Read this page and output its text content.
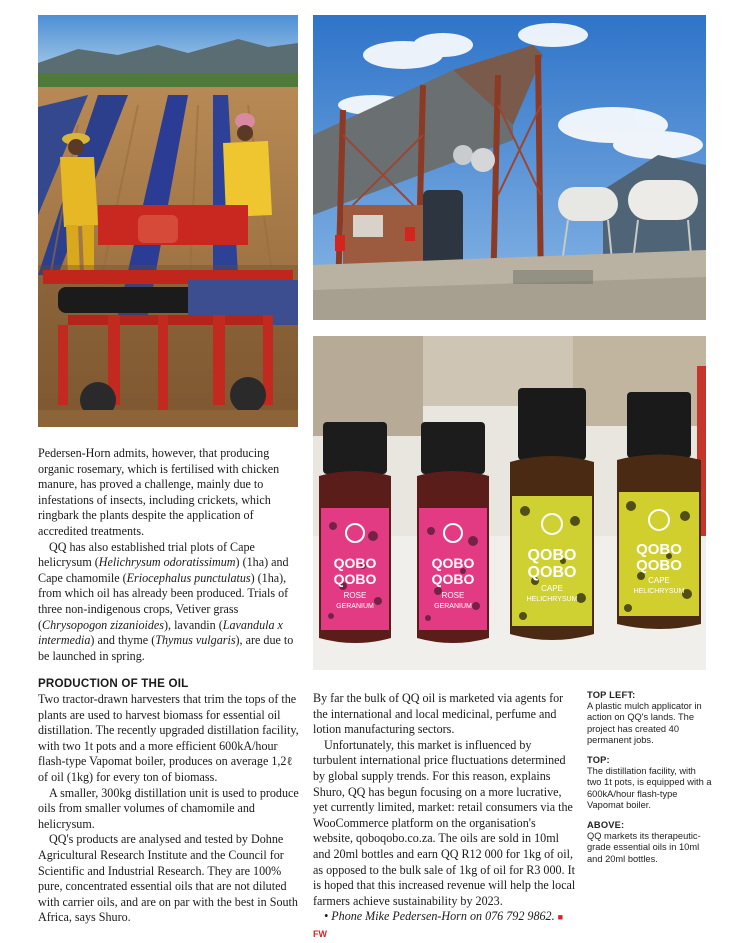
QOBO
QOBO
ROSE
GERANIUM
QOBO
QOBO
ROSE
GERANIUM
QOBO
QOBO
CAPE
HELICHRYSUM
QOBO
QOBO
CAPE
HELICHRYSUM

Pedersen-Horn admits, however, that producing organic rosemary, which is fertilised with chicken manure, has proved a challenge, mainly due to infestations of insects, including crickets, which ringbark the plants despite the application of accredited treatments.

QQ has also established trial plots of Cape helicrysum (Helichrysum odoratissimum) (1ha) and Cape chamomile (Eriocephalus punctulatus) (1ha), from which oil has already been produced. Trials of three non-indigenous crops, Vetiver grass (Chrysopogon zizanioides), lavandin (Lavandula x intermedia) and thyme (Thymus vulgaris), are due to be launched in spring.

PRODUCTION OF THE OIL

Two tractor-drawn harvesters that trim the tops of the plants are used to harvest biomass for essential oil distillation. The recently upgraded distillation facility, with two 1t pots and a more efficient 600kA/hour flash-type Vapomat boiler, produces on average 1,2ℓ of oil (1kg) for every ton of biomass.

A smaller, 300kg distillation unit is used to produce oils from smaller volumes of chamomile and helicrysum.

QQ's products are analysed and tested by Dohne Agricultural Research Institute and the Council for Scientific and Industrial Research. They are 100% pure, concentrated essential oils that are not diluted with carrier oils, and are on par with the best in South Africa, says Shuro.

By far the bulk of QQ oil is marketed via agents for the international and local medicinal, perfume and lotion manufacturing sectors.

Unfortunately, this market is influenced by turbulent international price fluctuations determined by global supply trends. For this reason, explains Shuro, QQ has begun focusing on a more lucrative, yet currently limited, market: retail consumers via the WooCommerce platform on the organisation's website, qoboqobo.co.za. The oils are sold in 10ml and 20ml bottles and earn QQ R12 000 for 1kg of oil, as opposed to the bulk sale of 1kg of oil for R3 000. It is hoped that this increased revenue will help the local farmers achieve sustainability by 2023.

• Phone Mike Pedersen-Horn on 076 792 9862. ■ FW

TOP LEFT:
A plastic mulch applicator in action on QQ's lands. The project has created 40 permanent jobs.
TOP:
The distillation facility, with two 1t pots, is equipped with a 600kA/hour flash-type Vapomat boiler.
ABOVE:
QQ markets its therapeutic-grade essential oils in 10ml and 20ml bottles.
